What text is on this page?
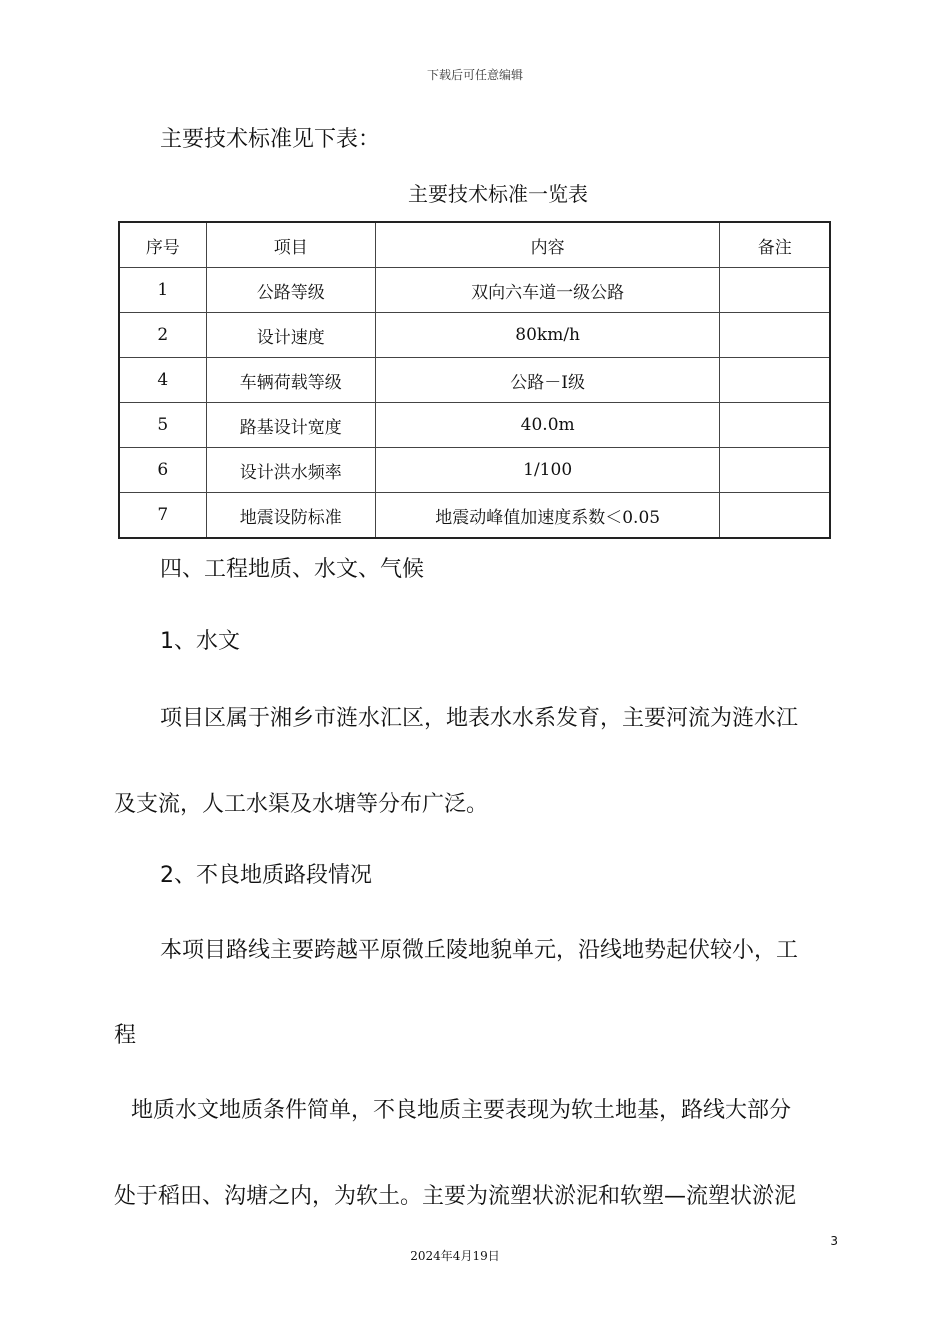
下载后可任意编辑
主要技术标准见下表：
主要技术标准一览表
序号	项目	内容	备注
1	公路等级	双向六车道一级公路	
2	设计速度	80km/h	
4	车辆荷载等级	公路－Ⅰ级	
5	路基设计宽度	40.0m	
6	设计洪水频率	1/100	
7	地震设防标准	地震动峰值加速度系数＜0.05	
四、工程地质、水文、气候
1、水文
项目区属于湘乡市涟水汇区，地表水水系发育，主要河流为涟水江
及支流，人工水渠及水塘等分布广泛。
2、不良地质路段情况
本项目路线主要跨越平原微丘陵地貌单元，沿线地势起伏较小，工
程
地质水文地质条件简单，不良地质主要表现为软土地基，路线大部分
处于稻田、沟塘之内，为软土。主要为流塑状淤泥和软塑—流塑状淤泥
3
2024年4月19日
